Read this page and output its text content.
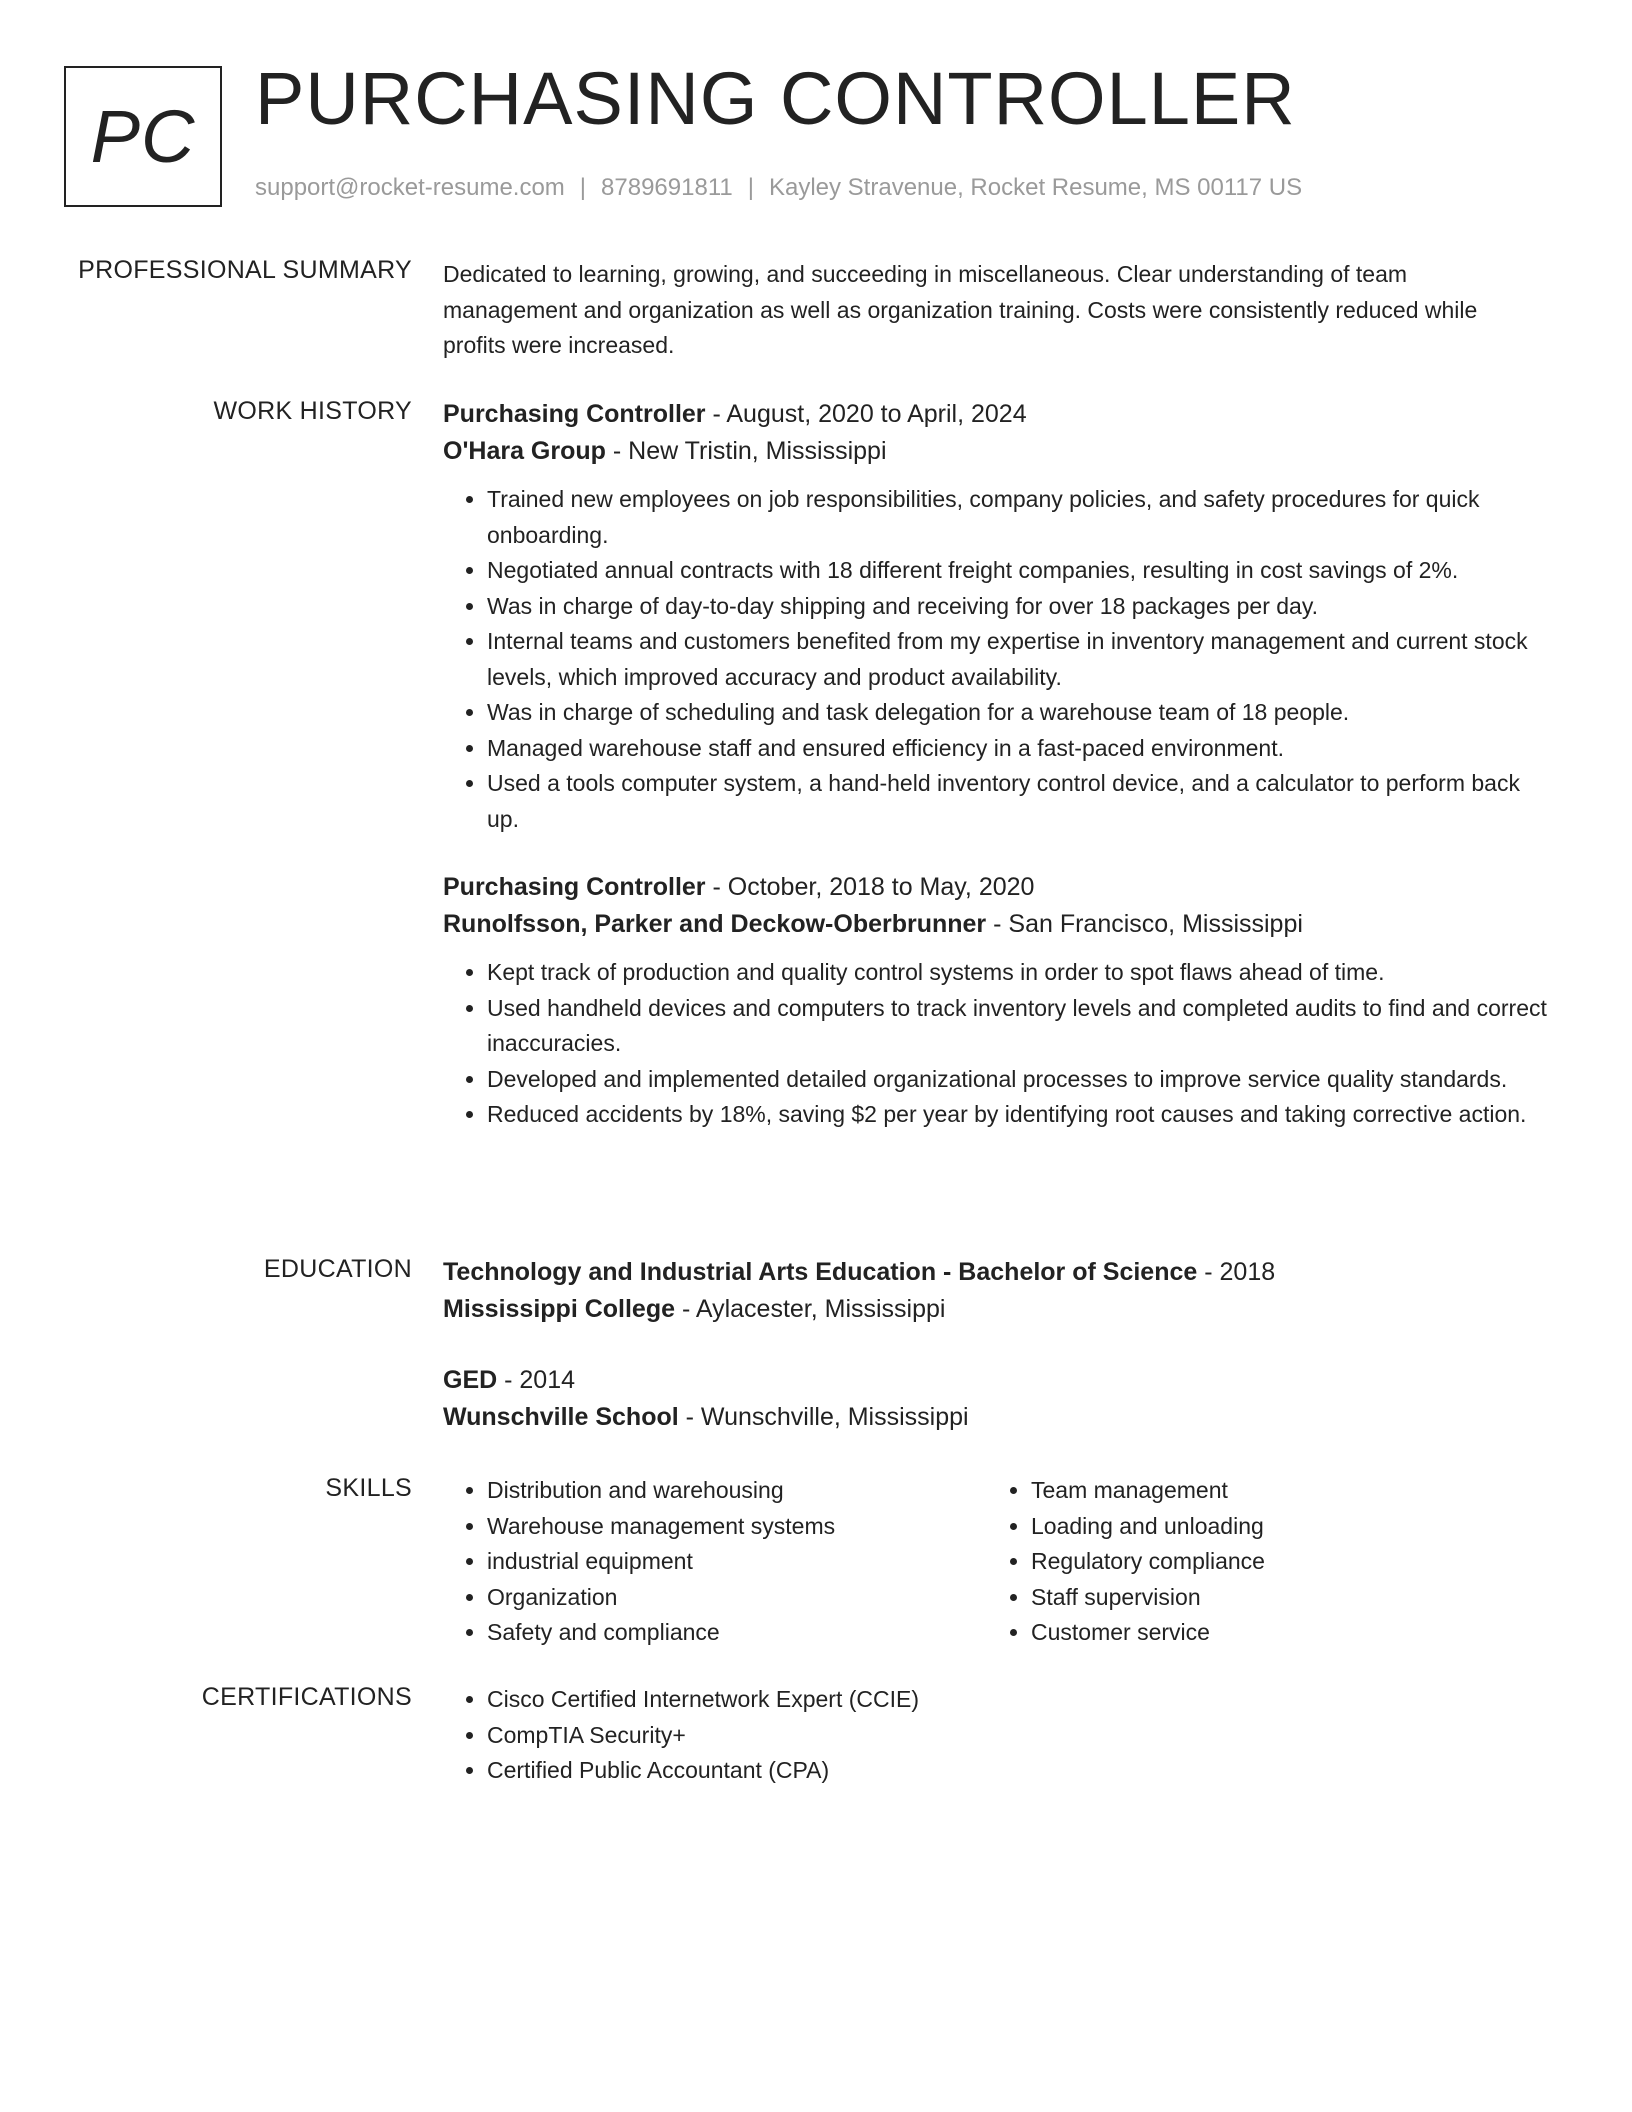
PC PURCHASING CONTROLLER
support@rocket-resume.com | 8789691811 | Kayley Stravenue, Rocket Resume, MS 00117 US
PROFESSIONAL SUMMARY Dedicated to learning, growing, and succeeding in miscellaneous. Clear understanding of team management and organization as well as organization training. Costs were consistently reduced while profits were increased.

WORK HISTORY Purchasing Controller - August, 2020 to April, 2024
O'Hara Group - New Tristin, Mississippi
• Trained new employees on job responsibilities, company policies, and safety procedures for quick onboarding.
• Negotiated annual contracts with 18 different freight companies, resulting in cost savings of 2%.
• Was in charge of day-to-day shipping and receiving for over 18 packages per day.
• Internal teams and customers benefited from my expertise in inventory management and current stock levels, which improved accuracy and product availability.
• Was in charge of scheduling and task delegation for a warehouse team of 18 people.
• Managed warehouse staff and ensured efficiency in a fast-paced environment.
• Used a tools computer system, a hand-held inventory control device, and a calculator to perform back up.
Purchasing Controller - October, 2018 to May, 2020
Runolfsson, Parker and Deckow-Oberbrunner - San Francisco, Mississippi
• Kept track of production and quality control systems in order to spot flaws ahead of time.
• Used handheld devices and computers to track inventory levels and completed audits to find and correct inaccuracies.
• Developed and implemented detailed organizational processes to improve service quality standards.
• Reduced accidents by 18%, saving $2 per year by identifying root causes and taking corrective action.
EDUCATION Technology and Industrial Arts Education - Bachelor of Science - 2018
Mississippi College - Aylacester, Mississippi
GED - 2014
Wunschville School - Wunschville, Mississippi
SKILLS	• Distribution and warehousing
• Warehouse management systems
• industrial equipment
• Organization
• Safety and compliance
• Team management
• Loading and unloading
• Regulatory compliance
• Staff supervision
• Customer service
CERTIFICATIONS	• Cisco Certified Internetwork Expert (CCIE)
• CompTIA Security+
• Certified Public Accountant (CPA)
